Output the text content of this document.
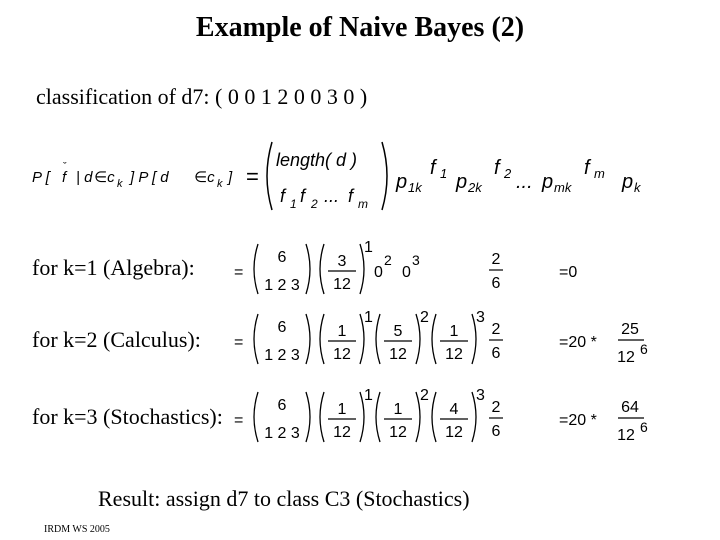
Example of Naive Bayes (2)
classification of d7: ( 0 0 1 2 0 0 3 0 )
P [ f
ˇ
| d ∈c k ] P [ d ∈c k ] =
length( d )
f 1 f 2 ... f m
p 1k
f 1 p 2k
f 2 ... p mk
f m p k
for k=1 (Algebra):
for k=2 (Calculus):
for k=3 (Stochastics):
=
6
1 2 3
3
12
1
0
2
0
3	2
6
=0
=
6
1 2 3
1
12
1
5
12
2
1
12
3
2
6
=20 *
25
12 6
=
6
1 2 3
1
12
1
1
12
2
4
12
3
2
6
=20 *
64
12 6
Result: assign d7 to class C3 (Stochastics)
IRDM WS 2005
